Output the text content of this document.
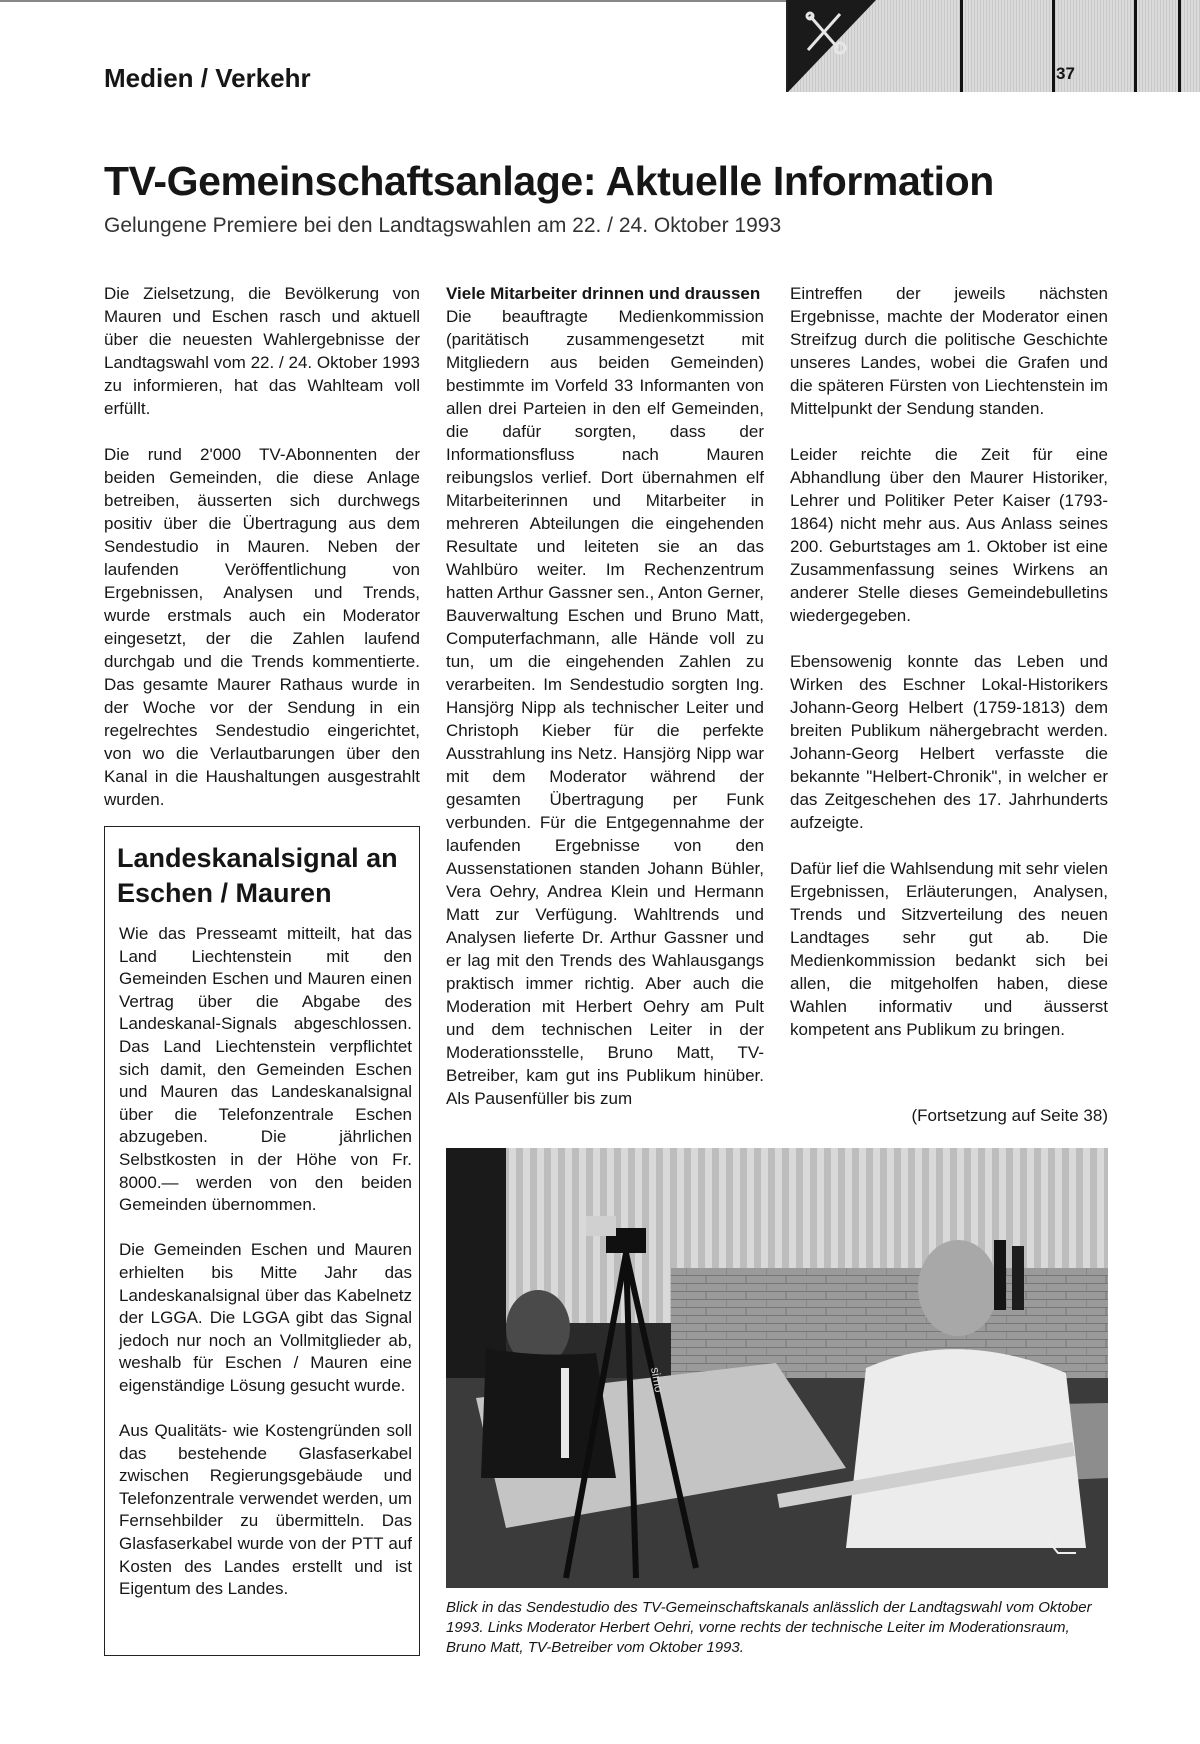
Medien / Verkehr	37
TV-Gemeinschaftsanlage: Aktuelle Information
Gelungene Premiere bei den Landtagswahlen am 22. / 24. Oktober 1993

Die Zielsetzung, die Bevölkerung von Mauren und Eschen rasch und aktuell über die neuesten Wahlergebnisse der Landtagswahl vom 22. / 24. Oktober 1993 zu informieren, hat das Wahlteam voll erfüllt.

Die rund 2'000 TV-Abonnenten der beiden Gemeinden, die diese Anlage betreiben, äusserten sich durchwegs positiv über die Übertragung aus dem Sendestudio in Mauren. Neben der laufenden Veröffentlichung von Ergebnissen, Analysen und Trends, wurde erstmals auch ein Moderator eingesetzt, der die Zahlen laufend durchgab und die Trends kommentierte. Das gesamte Maurer Rathaus wurde in der Woche vor der Sendung in ein regelrechtes Sendestudio eingerichtet, von wo die Verlautbarungen über den Kanal in die Haushaltungen ausgestrahlt wurden.

Landeskanalsignal an Eschen / Mauren

Wie das Presseamt mitteilt, hat das Land Liechtenstein mit den Gemeinden Eschen und Mauren einen Vertrag über die Abgabe des Landeskanal-Signals abgeschlossen. Das Land Liechtenstein verpflichtet sich damit, den Gemeinden Eschen und Mauren das Landeskanalsignal über die Telefonzentrale Eschen abzugeben. Die jährlichen Selbstkosten in der Höhe von Fr. 8000.— werden von den beiden Gemeinden übernommen.

Die Gemeinden Eschen und Mauren erhielten bis Mitte Jahr das Landeskanalsignal über das Kabelnetz der LGGA. Die LGGA gibt das Signal jedoch nur noch an Vollmitglieder ab, weshalb für Eschen / Mauren eine eigenständige Lösung gesucht wurde.

Aus Qualitäts- wie Kostengründen soll das bestehende Glasfaserkabel zwischen Regierungsgebäude und Telefonzentrale verwendet werden, um Fernsehbilder zu übermitteln. Das Glasfaserkabel wurde von der PTT auf Kosten des Landes erstellt und ist Eigentum des Landes.

Viele Mitarbeiter drinnen und draussen

Die beauftragte Medienkommission (paritätisch zusammengesetzt mit Mitgliedern aus beiden Gemeinden) bestimmte im Vorfeld 33 Informanten von allen drei Parteien in den elf Gemeinden, die dafür sorgten, dass der Informationsfluss nach Mauren reibungslos verlief. Dort übernahmen elf Mitarbeiterinnen und Mitarbeiter in mehreren Abteilungen die eingehenden Resultate und leiteten sie an das Wahlbüro weiter. Im Rechenzentrum hatten Arthur Gassner sen., Anton Gerner, Bauverwaltung Eschen und Bruno Matt, Computerfachmann, alle Hände voll zu tun, um die eingehenden Zahlen zu verarbeiten. Im Sendestudio sorgten Ing. Hansjörg Nipp als technischer Leiter und Christoph Kieber für die perfekte Ausstrahlung ins Netz. Hansjörg Nipp war mit dem Moderator während der gesamten Übertragung per Funk verbunden. Für die Entgegennahme der laufenden Ergebnisse von den Aussenstationen standen Johann Bühler, Vera Oehry, Andrea Klein und Hermann Matt zur Verfügung. Wahltrends und Analysen lieferte Dr. Arthur Gassner und er lag mit den Trends des Wahlausgangs praktisch immer richtig. Aber auch die Moderation mit Herbert Oehry am Pult und dem technischen Leiter in der Moderationsstelle, Bruno Matt, TV-Betreiber, kam gut ins Publikum hinüber. Als Pausenfüller bis zum

Eintreffen der jeweils nächsten Ergebnisse, machte der Moderator einen Streifzug durch die politische Geschichte unseres Landes, wobei die Grafen und die späteren Fürsten von Liechtenstein im Mittelpunkt der Sendung standen.

Leider reichte die Zeit für eine Abhandlung über den Maurer Historiker, Lehrer und Politiker Peter Kaiser (1793-1864) nicht mehr aus. Aus Anlass seines 200. Geburtstages am 1. Oktober ist eine Zusammenfassung seines Wirkens an anderer Stelle dieses Gemeindebulletins wiedergegeben.

Ebensowenig konnte das Leben und Wirken des Eschner Lokal-Historikers Johann-Georg Helbert (1759-1813) dem breiten Publikum nähergebracht werden. Johann-Georg Helbert verfasste die bekannte "Helbert-Chronik", in welcher er das Zeitgeschehen des 17. Jahrhunderts aufzeigte.

Dafür lief die Wahlsendung mit sehr vielen Ergebnissen, Erläuterungen, Analysen, Trends und Sitzverteilung des neuen Landtages sehr gut ab. Die Medienkommission bedankt sich bei allen, die mitgeholfen haben, diese Wahlen informativ und äusserst kompetent ans Publikum zu bringen.

(Fortsetzung auf Seite 38)
simo
Blick in das Sendestudio des TV-Gemeinschaftskanals anlässlich der Landtagswahl vom Oktober 1993. Links Moderator Herbert Oehri, vorne rechts der technische Leiter im Moderationsraum, Bruno Matt, TV-Betreiber vom Oktober 1993.
